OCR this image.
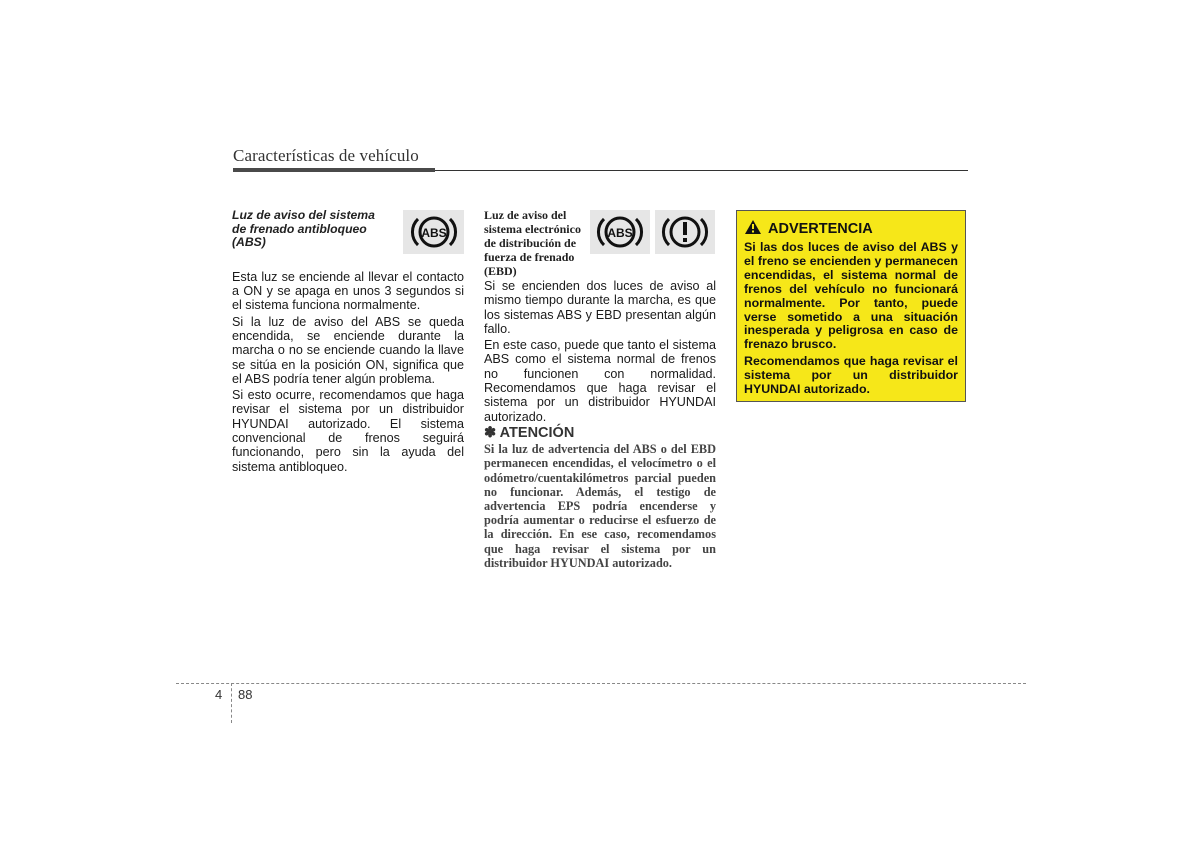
Características de vehículo

Luz de aviso del sistema de frenado antibloqueo (ABS)

Esta luz se enciende al llevar el contacto a ON y se apaga en unos 3 segundos si el sistema funciona normalmente.

Si la luz de aviso del ABS se queda encendida, se enciende durante la marcha o no se enciende cuando la llave se sitúa en la posición ON, significa que el ABS podría tener algún problema.

Si esto ocurre, recomendamos que haga revisar el sistema por un distribuidor HYUNDAI autorizado. El sistema convencional de frenos seguirá funcionando, pero sin la ayuda del sistema antibloqueo.

ABS

Luz de aviso del sistema electrónico de distribución de fuerza de frenado (EBD)

Si se encienden dos luces de aviso al mismo tiempo durante la marcha, es que los sistemas ABS y EBD presentan algún fallo.

En este caso, puede que tanto el sistema ABS como el sistema normal de frenos no funcionen con normalidad. Recomendamos que haga revisar el sistema por un distribuidor HYUNDAI autorizado.

✽ ATENCIÓN

Si la luz de advertencia del ABS o del EBD permanecen encendidas, el velocímetro o el odómetro/cuentakilómetros parcial pueden no funcionar. Además, el testigo de advertencia EPS podría encenderse y podría aumentar o reducirse el esfuerzo de la dirección. En ese caso, recomendamos que haga revisar el sistema por un distribuidor HYUNDAI autorizado.

ABS	ADVERTENCIA

Si las dos luces de aviso del ABS y el freno se encienden y permanecen encendidas, el sistema normal de frenos del vehículo no funcionará normalmente. Por tanto, puede verse sometido a una situación inesperada y peligrosa en caso de frenazo brusco.

Recomendamos que haga revisar el sistema por un distribuidor HYUNDAI autorizado.

4 88
